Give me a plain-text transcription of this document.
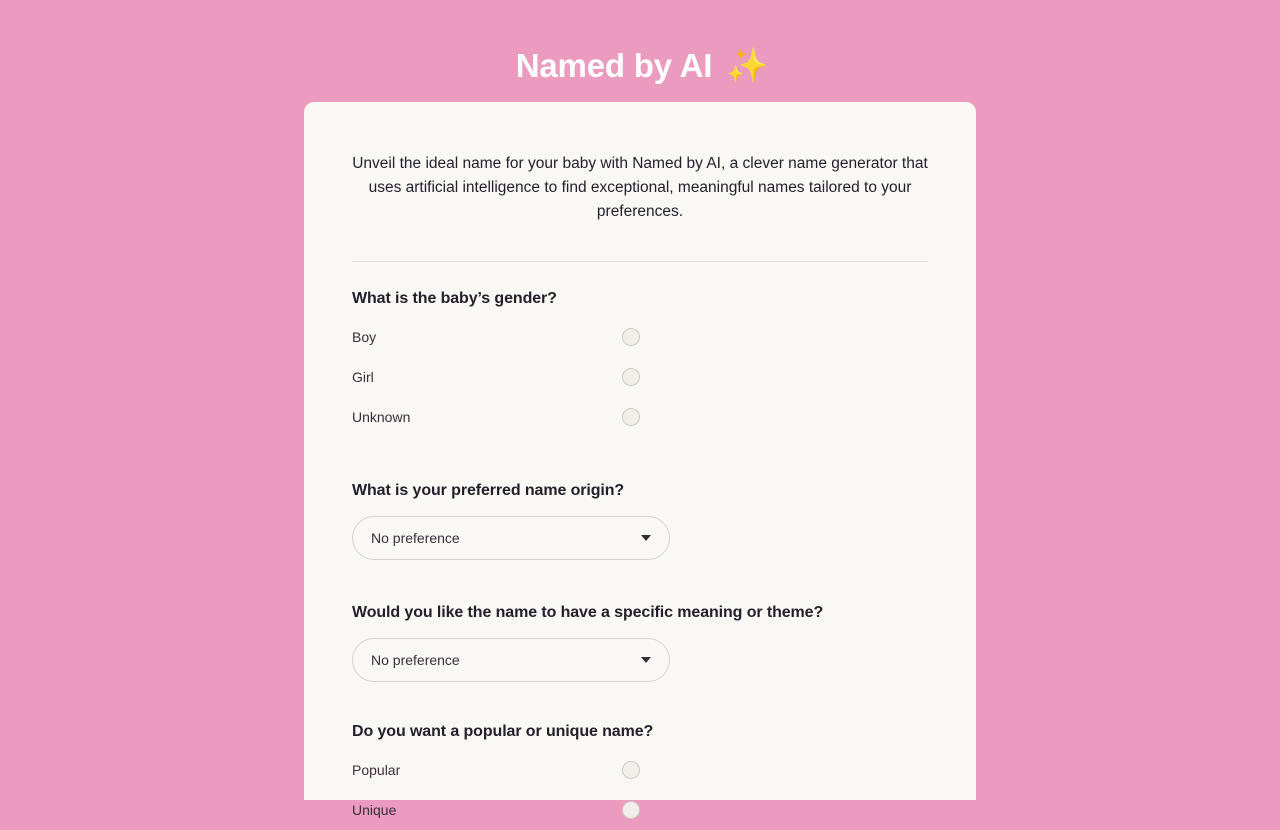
Named by AI ✨

Unveil the ideal name for your baby with Named by AI, a clever name generator that uses artificial intelligence to find exceptional, meaningful names tailored to your preferences.

What is the baby’s gender?
Boy
Girl
Unknown
What is your preferred name origin?
No preference
Would you like the name to have a specific meaning or theme?
No preference
Do you want a popular or unique name?
Popular
Unique
